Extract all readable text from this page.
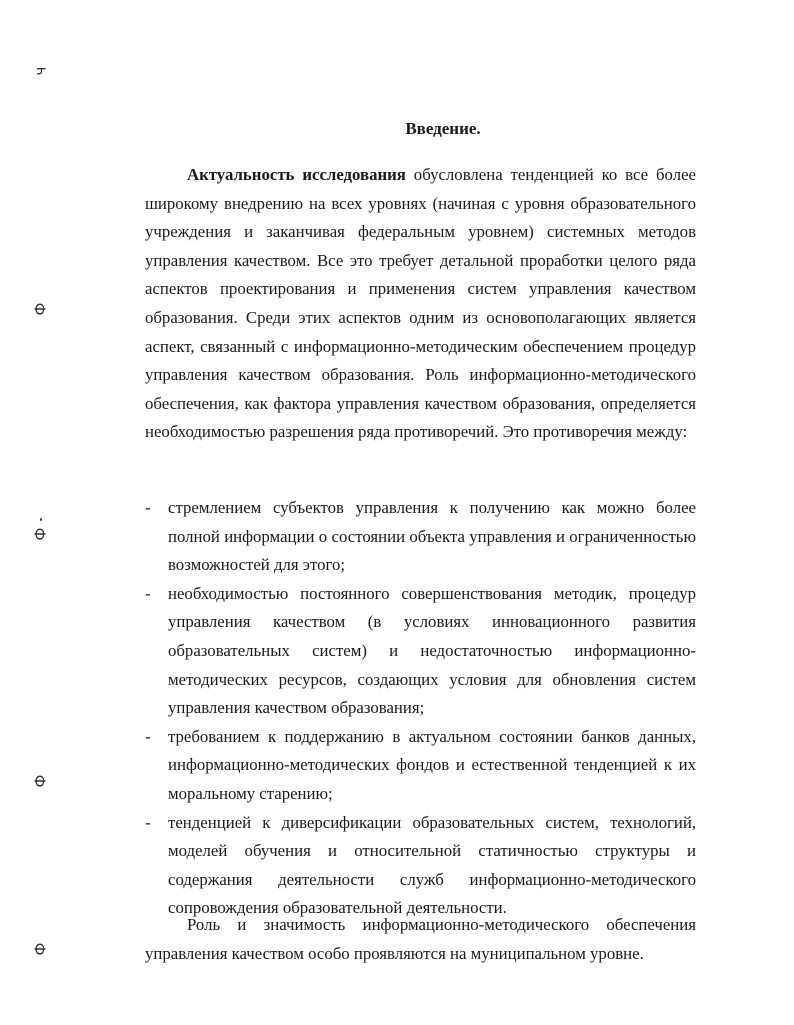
ч
Ф
Ф
Ф
Ф
Введение.

Актуальность исследования обусловлена тенденцией ко все более широкому внедрению на всех уровнях (начиная с уровня образовательного учреждения и заканчивая федеральным уровнем) системных методов управления качеством. Все это требует детальной проработки целого ряда аспектов проектирования и применения систем управления качеством образования. Среди этих аспектов одним из основополагающих является аспект, связанный с информационно-методическим обеспечением процедур управления качеством образования. Роль информационно-методического обеспечения, как фактора управления качеством образования, определяется необходимостью разрешения ряда противоречий. Это противоречия между:

- стремлением субъектов управления к получению как можно более полной информации о состоянии объекта управления и ограниченностью возможностей для этого;
- необходимостью постоянного совершенствования методик, процедур управления качеством (в условиях инновационного развития образовательных систем) и недостаточностью информационно-методических ресурсов, создающих условия для обновления систем управления качеством образования;
- требованием к поддержанию в актуальном состоянии банков данных, информационно-методических фондов и естественной тенденцией к их моральному старению;
- тенденцией к диверсификации образовательных систем, технологий, моделей обучения и относительной статичностью структуры и содержания деятельности служб информационно-методического сопровождения образовательной деятельности.

Роль и значимость информационно-методического обеспечения управления качеством особо проявляются на муниципальном уровне.
